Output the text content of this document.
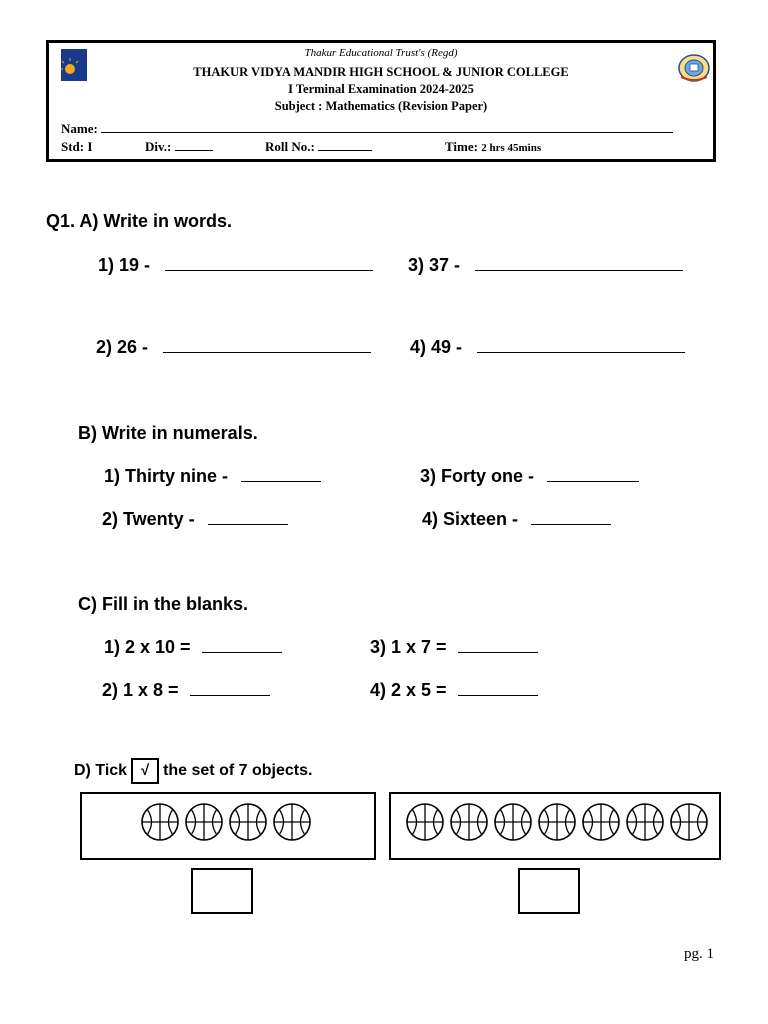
Thakur Educational Trust's (Regd)
THAKUR VIDYA MANDIR HIGH SCHOOL & JUNIOR COLLEGE
I Terminal Examination 2024-2025
Subject : Mathematics (Revision Paper)
Name:
Std: I	Div.:	Roll No.:	Time: 2 hrs 45mins
Q1. A) Write in words.
1) 19 -	3) 37 -
2) 26 -	4) 49 -
B) Write in numerals.
1) Thirty nine -	3) Forty one -
2) Twenty -	4) Sixteen -
C) Fill in the blanks.
1) 2 x 10 =	3) 1 x 7 =
2) 1 x 8 =	4) 2 x 5 =
D) Tick √ the set of 7 objects.
pg. 1
